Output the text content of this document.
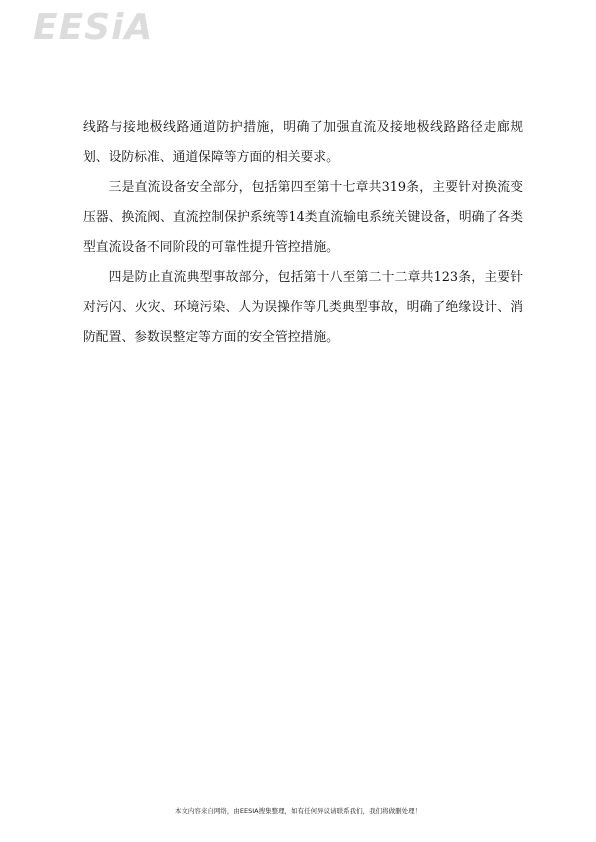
EESiA

线路与接地极线路通道防护措施，明确了加强直流及接地极线路路径走廊规划、设防标准、通道保障等方面的相关要求。

三是直流设备安全部分，包括第四至第十七章共319条，主要针对换流变压器、换流阀、直流控制保护系统等14类直流输电系统关键设备，明确了各类型直流设备不同阶段的可靠性提升管控措施。

四是防止直流典型事故部分，包括第十八至第二十二章共123条，主要针对污闪、火灾、环境污染、人为误操作等几类典型事故，明确了绝缘设计、消防配置、参数误整定等方面的安全管控措施。

本文内容来自网络，由EESIA搜集整理，如有任何异议请联系我们，我们将做删处理！
